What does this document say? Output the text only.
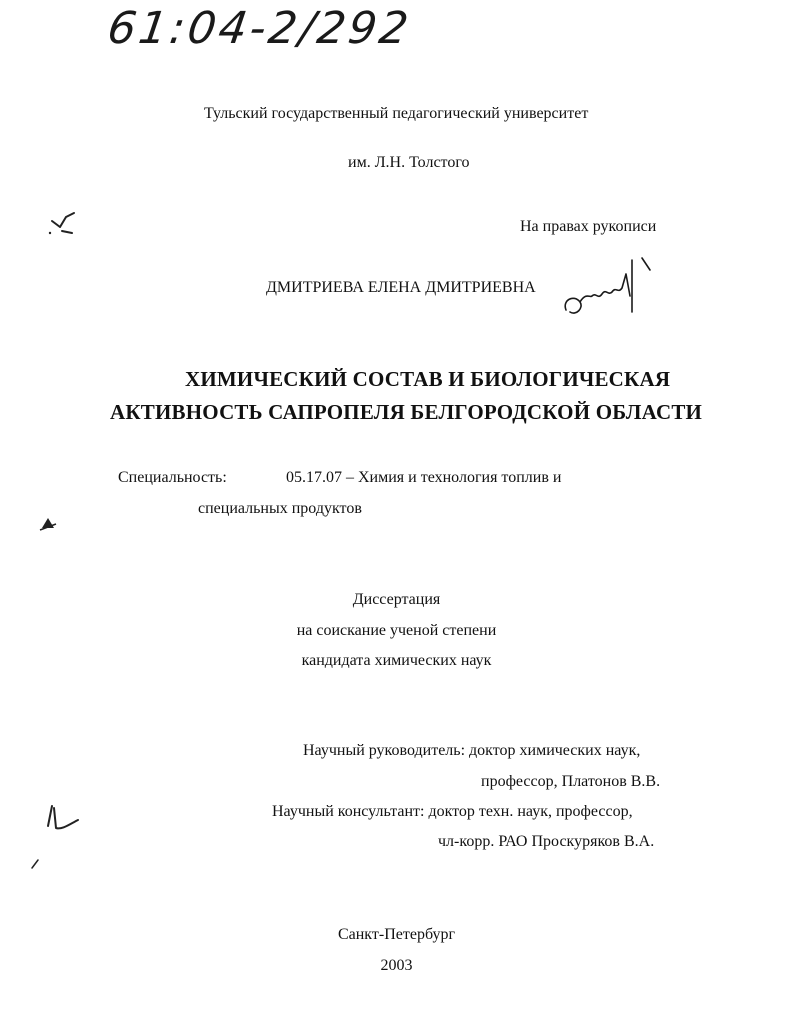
61:04-2/292
Тульский государственный педагогический университет
им. Л.Н. Толстого
На правах рукописи
ДМИТРИЕВА ЕЛЕНА ДМИТРИЕВНА
ХИМИЧЕСКИЙ СОСТАВ И БИОЛОГИЧЕСКАЯ
АКТИВНОСТЬ САПРОПЕЛЯ БЕЛГОРОДСКОЙ ОБЛАСТИ
Специальность:	05.17.07 – Химия и технология топлив и
специальных продуктов
Диссертация
на соискание ученой степени
кандидата химических наук
Научный руководитель: доктор химических наук,
профессор, Платонов В.В.
Научный консультант: доктор техн. наук, профессор,
чл-корр. РАО Проскуряков В.А.
Санкт-Петербург
2003
